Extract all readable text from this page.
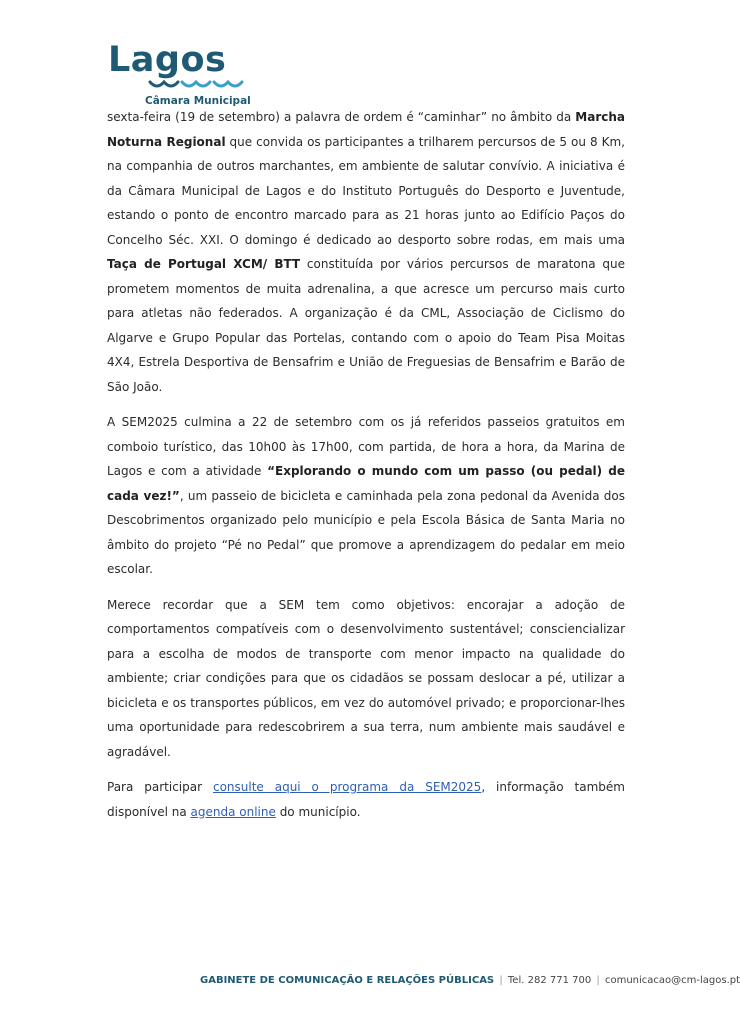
Lagos
Câmara Municipal

sexta-feira (19 de setembro) a palavra de ordem é “caminhar” no âmbito da Marcha Noturna Regional que convida os participantes a trilharem percursos de 5 ou 8 Km, na companhia de outros marchantes, em ambiente de salutar convívio. A iniciativa é da Câmara Municipal de Lagos e do Instituto Português do Desporto e Juventude, estando o ponto de encontro marcado para as 21 horas junto ao Edifício Paços do Concelho Séc. XXI. O domingo é dedicado ao desporto sobre rodas, em mais uma Taça de Portugal XCM/ BTT constituída por vários percursos de maratona que prometem momentos de muita adrenalina, a que acresce um percurso mais curto para atletas não federados. A organização é da CML, Associação de Ciclismo do Algarve e Grupo Popular das Portelas, contando com o apoio do Team Pisa Moitas 4X4, Estrela Desportiva de Bensafrim e União de Freguesias de Bensafrim e Barão de São João.

A SEM2025 culmina a 22 de setembro com os já referidos passeios gratuitos em comboio turístico, das 10h00 às 17h00, com partida, de hora a hora, da Marina de Lagos e com a atividade “Explorando o mundo com um passo (ou pedal) de cada vez!”, um passeio de bicicleta e caminhada pela zona pedonal da Avenida dos Descobrimentos organizado pelo município e pela Escola Básica de Santa Maria no âmbito do projeto “Pé no Pedal” que promove a aprendizagem do pedalar em meio escolar.

Merece recordar que a SEM tem como objetivos: encorajar a adoção de comportamentos compatíveis com o desenvolvimento sustentável; consciencializar para a escolha de modos de transporte com menor impacto na qualidade do ambiente; criar condições para que os cidadãos se possam deslocar a pé, utilizar a bicicleta e os transportes públicos, em vez do automóvel privado; e proporcionar-lhes uma oportunidade para redescobrirem a sua terra, num ambiente mais saudável e agradável.

Para participar consulte aqui o programa da SEM2025, informação também disponível na agenda online do município.

GABINETE DE COMUNICAÇÃO E RELAÇÕES PÚBLICAS | Tel. 282 771 700 | comunicacao@cm-lagos.pt
